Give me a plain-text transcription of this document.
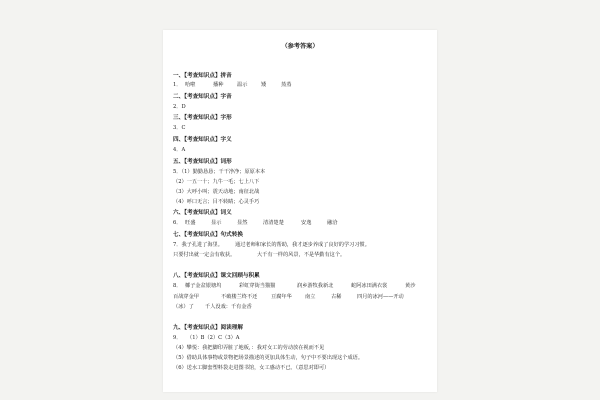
（参考答案）
一、【考查知识点】拼音
1． 哈啦	播种	温示	矮	蒸蒸
二、【考查知识点】字音
2．D
三、【考查知识点】字形
3．C
四、【考查知识点】字义
4．A
五、【考查知识点】词形
5．（1）勤勤恳恳；干干净净；原原本本
（2）一五一十；九牛一毛；七上八下
（3）大呼小叫；震天动地；南征北战
（4）呼口无言；目不转睛；心灵手巧
六、【考查知识点】词义
6． 旺盛	显示	显然	清清楚楚	安逸	融洽
七、【考查知识点】句式转换
7．我子孔进了海里。 通过老师和家长的帮助，我才逐步养成了良好的学习习惯。
只要付出就一定会有收获。	大千有一样的风景，不是华勤有这个。
八、【考查知识点】课文回顾与积累
8． 椰子金盆银塘坞	彩虹穿街当猫猫	润乡游牧我新北	蛇阿冰田满衣裳	黄沙
百战穿金甲	不破楼兰终不还	豆腐年华	南立	古稀	四月的冰河——开动
（冰）了 千人没戏：千有金香
九、【考查知识点】阅读理解
9． （1）B（2）C（3）A
（4）攀悦：我把脚印弄脏了地板，：我对女工的劳动放在视而不见
（5）借助具体事物或景物把场景描述的更加具体生动，句子中不要出现这个成语。
（6）送水工脚套塑料袋走进图书馆，女工感动不已。（意思对即可）
